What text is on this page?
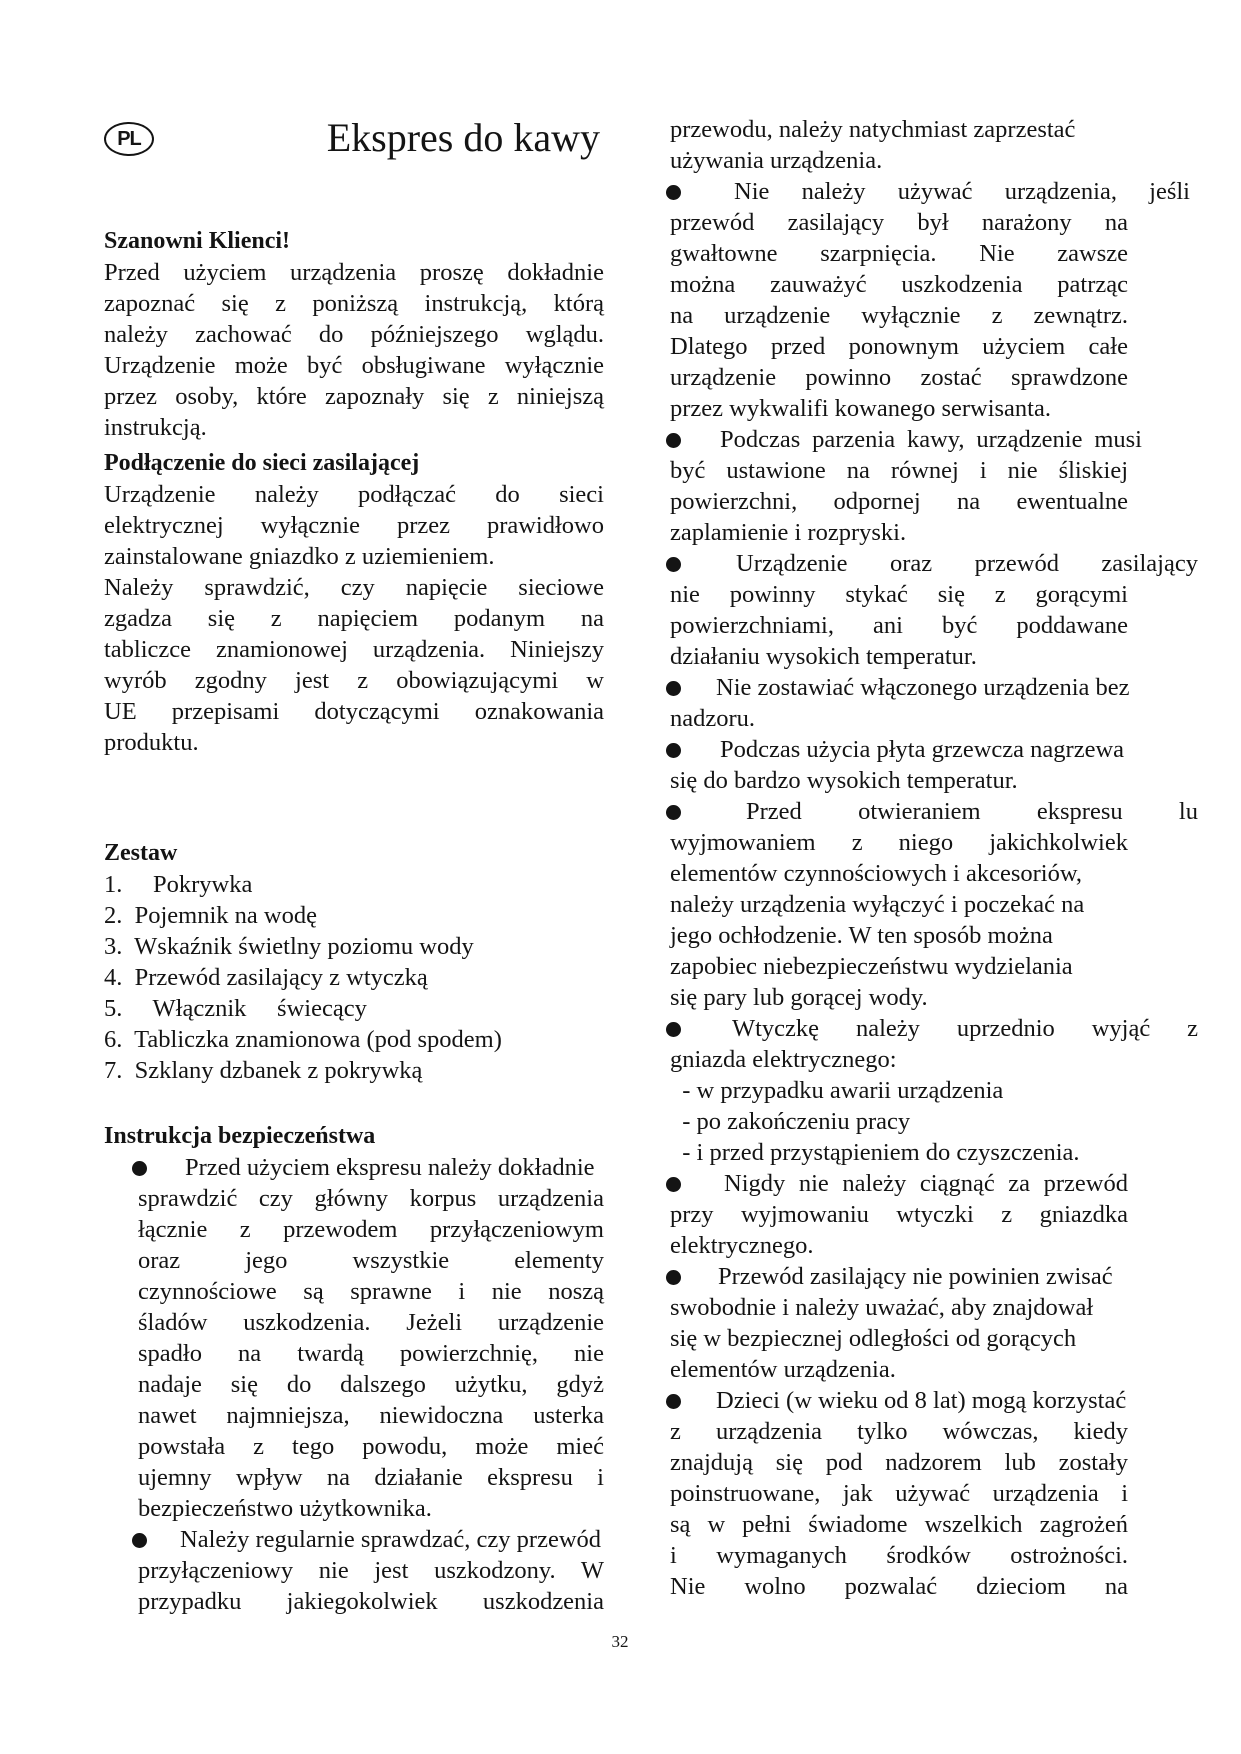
PL	Ekspres do kawy

Szanowni Klienci!

Przed użyciem urządzenia proszę dokładnie
zapoznać się z poniższą instrukcją, którą
należy zachować do późniejszego wglądu.
Urządzenie może być obsługiwane wyłącznie
przez osoby, które zapoznały się z niniejszą
instrukcją.

Podłączenie do sieci zasilającej

Urządzenie należy podłączać do sieci
elektrycznej wyłącznie przez prawidłowo
zainstalowane gniazdko z uziemieniem.
Należy sprawdzić, czy napięcie sieciowe
zgadza się z napięciem podanym na
tabliczce znamionowej urządzenia. Niniejszy
wyrób zgodny jest z obowiązującymi w
UE przepisami dotyczącymi oznakowania
produktu.

Zestaw

1.     Pokrywka
2.  Pojemnik na wodę
3.  Wskaźnik świetlny poziomu wody
4.  Przewód zasilający z wtyczką
5.     Włącznik     świecący
6.  Tabliczka znamionowa (pod spodem)
7.  Szklany dzbanek z pokrywką

Instrukcja bezpieczeństwa

Przed użyciem ekspresu należy dokładnie
sprawdzić czy główny korpus urządzenia
łącznie z przewodem przyłączeniowym
oraz jego wszystkie elementy
czynnościowe są sprawne i nie noszą
śladów uszkodzenia. Jeżeli urządzenie
spadło na twardą powierzchnię, nie
nadaje się do dalszego użytku, gdyż
nawet najmniejsza, niewidoczna usterka
powstała z tego powodu, może mieć
ujemny wpływ na działanie ekspresu i
bezpieczeństwo użytkownika.
Należy regularnie sprawdzać, czy przewód
przyłączeniowy nie jest uszkodzony. W
przypadku jakiegokolwiek uszkodzenia
przewodu, należy natychmiast zaprzestać
używania urządzenia.
Nie należy używać urządzenia, jeśli
przewód zasilający był narażony na
gwałtowne szarpnięcia. Nie zawsze
można zauważyć uszkodzenia patrząc
na urządzenie wyłącznie z zewnątrz.
Dlatego przed ponownym użyciem całe
urządzenie powinno zostać sprawdzone
przez wykwalifi kowanego serwisanta.
Podczas parzenia kawy, urządzenie musi
być ustawione na równej i nie śliskiej
powierzchni, odpornej na ewentualne
zaplamienie i rozpryski.
Urządzenie oraz przewód zasilający
nie powinny stykać się z gorącymi
powierzchniami, ani być poddawane
działaniu wysokich temperatur.
Nie zostawiać włączonego urządzenia bez
nadzoru.
Podczas użycia płyta grzewcza nagrzewa
się do bardzo wysokich temperatur.
Przed otwieraniem ekspresu lu
wyjmowaniem z niego jakichkolwiek
elementów czynnościowych i akcesoriów,
należy urządzenia wyłączyć i poczekać na
jego ochłodzenie. W ten sposób można
zapobiec niebezpieczeństwu wydzielania
się pary lub gorącej wody.
Wtyczkę należy uprzednio wyjąć z
gniazda elektrycznego:
- w przypadku awarii urządzenia
- po zakończeniu pracy
- i przed przystąpieniem do czyszczenia.
Nigdy nie należy ciągnąć za przewód
przy wyjmowaniu wtyczki z gniazdka
elektrycznego.
Przewód zasilający nie powinien zwisać
swobodnie i należy uważać, aby znajdował
się w bezpiecznej odległości od gorących
elementów urządzenia.
Dzieci (w wieku od 8 lat) mogą korzystać
z urządzenia tylko wówczas, kiedy
znajdują się pod nadzorem lub zostały
poinstruowane, jak używać urządzenia i
są w pełni świadome wszelkich zagrożeń
i wymaganych środków ostrożności.
Nie wolno pozwalać dzieciom na
32
